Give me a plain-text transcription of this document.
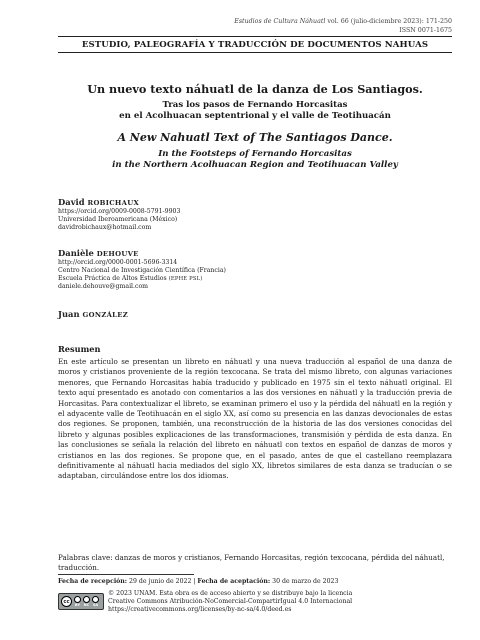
Estudios de Cultura Náhuatl vol. 66 (julio-diciembre 2023): 171-250
ISSN 0071-1675
ESTUDIO, PALEOGRAFÍA Y TRADUCCIÓN DE DOCUMENTOS NAHUAS
Un nuevo texto náhuatl de la danza de Los Santiagos.
Tras los pasos de Fernando Horcasitas
en el Acolhuacan septentrional y el valle de Teotihuacán
A New Nahuatl Text of The Santiagos Dance.
In the Footsteps of Fernando Horcasitas
in the Northern Acolhuacan Region and Teotihuacan Valley
David ROBICHAUX
https://orcid.org/0009-0008-5791-9903
Universidad Iberoamericana (México)
davidrobichaux@hotmail.com
Danièle DEHOUVE
http://orcid.org/0000-0001-5696-3314
Centro Nacional de Investigación Científica (Francia)
Escuela Práctica de Altos Estudios (EPHE PSL)
daniele.dehouve@gmail.com
Juan GONZÁLEZ
Resumen
En este artículo se presentan un libreto en náhuatl y una nueva traducción al español de una danza de moros y cristianos proveniente de la región texcocana. Se trata del mismo libreto, con algunas variaciones menores, que Fernando Horcasitas había traducido y publicado en 1975 sin el texto náhuatl original. El texto aquí presentado es anotado con comentarios a las dos versiones en náhuatl y la traducción previa de Horcasitas. Para contextualizar el libreto, se examinan primero el uso y la pérdida del náhuatl en la región y el adyacente valle de Teotihuacán en el siglo XX, así como su presencia en las danzas devocionales de estas dos regiones. Se proponen, también, una reconstrucción de la historia de las dos versiones conocidas del libreto y algunas posibles explicaciones de las transformaciones, transmisión y pérdida de esta danza. En las conclusiones se señala la relación del libreto en náhuatl con textos en español de danzas de moros y cristianos en las dos regiones. Se propone que, en el pasado, antes de que el castellano reemplazara definitivamente al náhuatl hacia mediados del siglo XX, libretos similares de esta danza se traducían o se adaptaban, circulándose entre los dos idiomas.
Palabras clave: danzas de moros y cristianos, Fernando Horcasitas, región texcocana, pérdida del náhuatl, traducción.
Fecha de recepción: 29 de junio de 2022 | Fecha de aceptación: 30 de marzo de 2023
cc	BY NC SA
© 2023 UNAM. Esta obra es de acceso abierto y se distribuye bajo la licencia
Creative Commons Atribución-NoComercial-CompartirIgual 4.0 Internacional
https://creativecommons.org/licenses/by-nc-sa/4.0/deed.es
